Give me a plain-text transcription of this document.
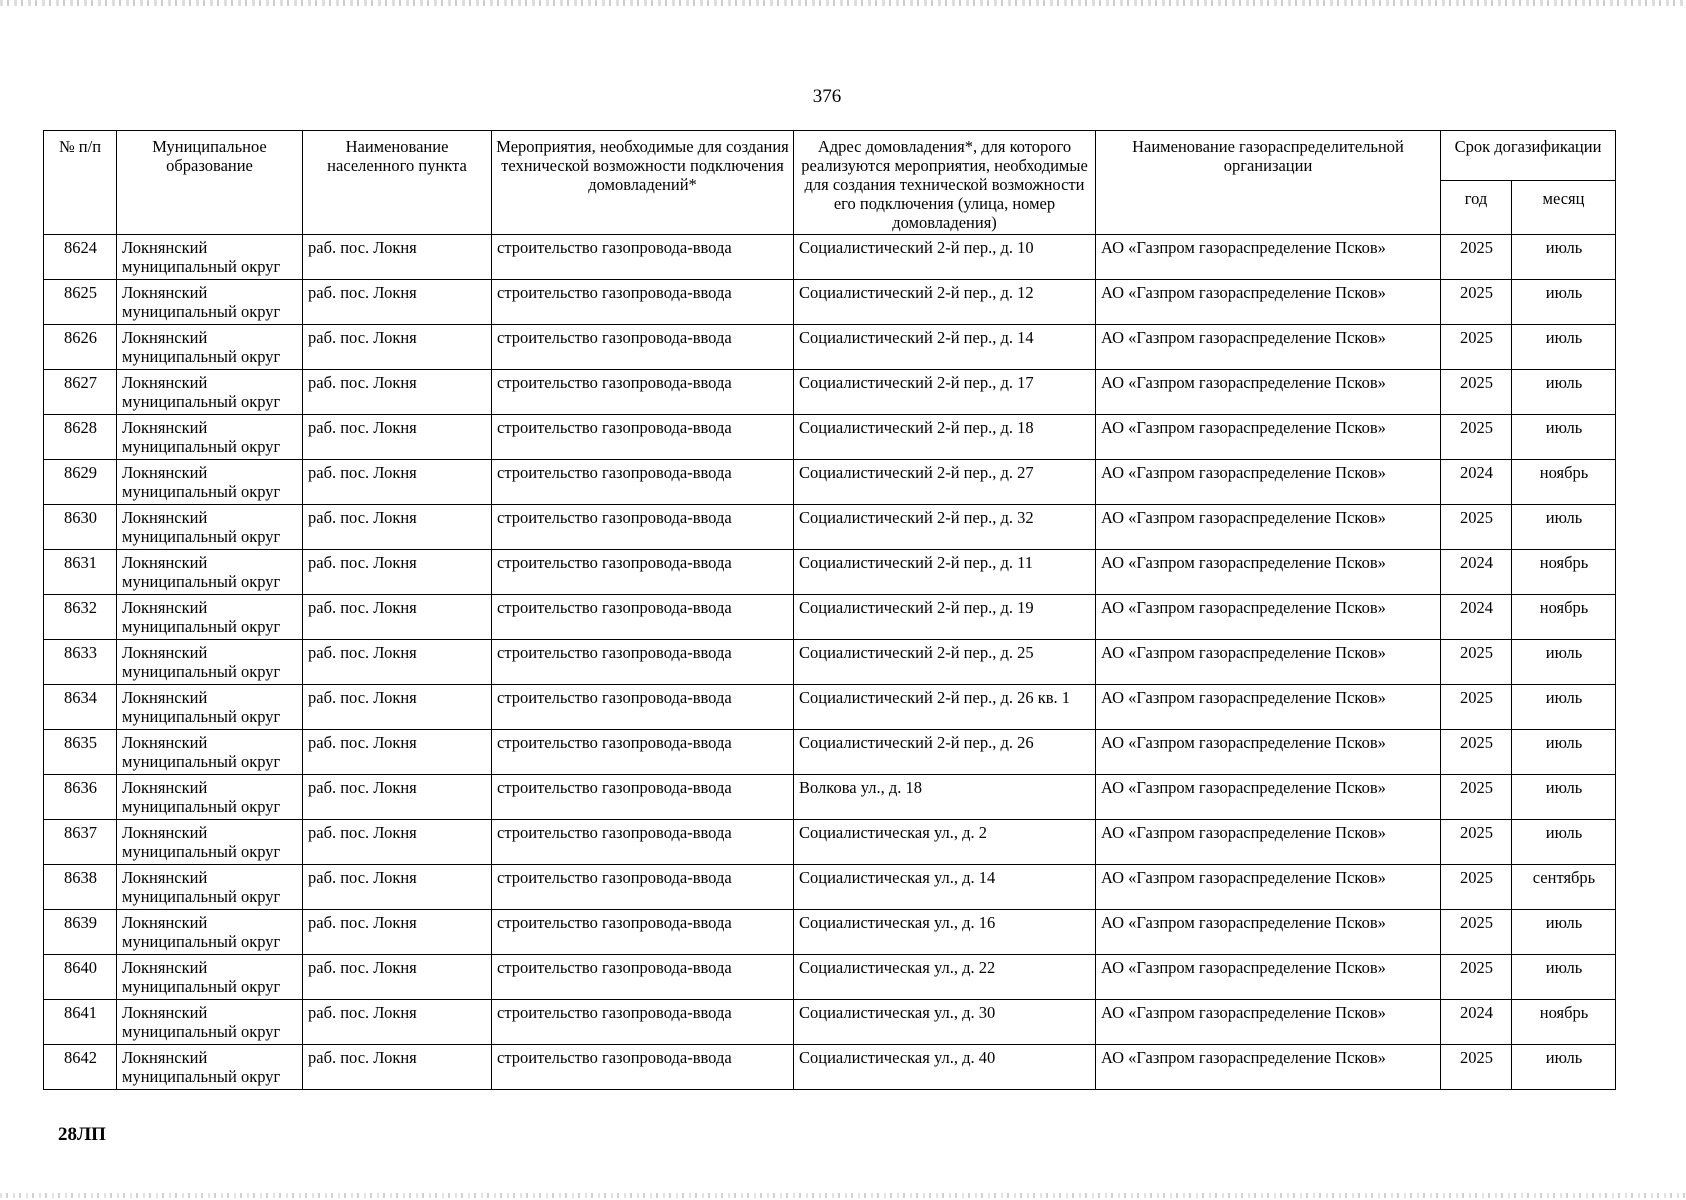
376
№ п/п	Муниципальное образование	Наименование населенного пункта	Мероприятия, необходимые для создания технической возможности подключения домовладений*	Адрес домовладения*, для которого реализуются мероприятия, необходимые для создания технической возможности его подключения (улица, номер домовладения)	Наименование газораспределительной организации	Срок догазификации	
						год	месяц
8624	Локнянский муниципальный округ	раб. пос. Локня	строительство газопровода-ввода	Социалистический 2-й пер., д. 10	АО «Газпром газораспределение Псков»	2025	июль
8625	Локнянский муниципальный округ	раб. пос. Локня	строительство газопровода-ввода	Социалистический 2-й пер., д. 12	АО «Газпром газораспределение Псков»	2025	июль
8626	Локнянский муниципальный округ	раб. пос. Локня	строительство газопровода-ввода	Социалистический 2-й пер., д. 14	АО «Газпром газораспределение Псков»	2025	июль
8627	Локнянский муниципальный округ	раб. пос. Локня	строительство газопровода-ввода	Социалистический 2-й пер., д. 17	АО «Газпром газораспределение Псков»	2025	июль
8628	Локнянский муниципальный округ	раб. пос. Локня	строительство газопровода-ввода	Социалистический 2-й пер., д. 18	АО «Газпром газораспределение Псков»	2025	июль
8629	Локнянский муниципальный округ	раб. пос. Локня	строительство газопровода-ввода	Социалистический 2-й пер., д. 27	АО «Газпром газораспределение Псков»	2024	ноябрь
8630	Локнянский муниципальный округ	раб. пос. Локня	строительство газопровода-ввода	Социалистический 2-й пер., д. 32	АО «Газпром газораспределение Псков»	2025	июль
8631	Локнянский муниципальный округ	раб. пос. Локня	строительство газопровода-ввода	Социалистический 2-й пер., д. 11	АО «Газпром газораспределение Псков»	2024	ноябрь
8632	Локнянский муниципальный округ	раб. пос. Локня	строительство газопровода-ввода	Социалистический 2-й пер., д. 19	АО «Газпром газораспределение Псков»	2024	ноябрь
8633	Локнянский муниципальный округ	раб. пос. Локня	строительство газопровода-ввода	Социалистический 2-й пер., д. 25	АО «Газпром газораспределение Псков»	2025	июль
8634	Локнянский муниципальный округ	раб. пос. Локня	строительство газопровода-ввода	Социалистический 2-й пер., д. 26 кв. 1	АО «Газпром газораспределение Псков»	2025	июль
8635	Локнянский муниципальный округ	раб. пос. Локня	строительство газопровода-ввода	Социалистический 2-й пер., д. 26	АО «Газпром газораспределение Псков»	2025	июль
8636	Локнянский муниципальный округ	раб. пос. Локня	строительство газопровода-ввода	Волкова ул., д. 18	АО «Газпром газораспределение Псков»	2025	июль
8637	Локнянский муниципальный округ	раб. пос. Локня	строительство газопровода-ввода	Социалистическая ул., д. 2	АО «Газпром газораспределение Псков»	2025	июль
8638	Локнянский муниципальный округ	раб. пос. Локня	строительство газопровода-ввода	Социалистическая ул., д. 14	АО «Газпром газораспределение Псков»	2025	сентябрь
8639	Локнянский муниципальный округ	раб. пос. Локня	строительство газопровода-ввода	Социалистическая ул., д. 16	АО «Газпром газораспределение Псков»	2025	июль
8640	Локнянский муниципальный округ	раб. пос. Локня	строительство газопровода-ввода	Социалистическая ул., д. 22	АО «Газпром газораспределение Псков»	2025	июль
8641	Локнянский муниципальный округ	раб. пос. Локня	строительство газопровода-ввода	Социалистическая ул., д. 30	АО «Газпром газораспределение Псков»	2024	ноябрь
8642	Локнянский муниципальный округ	раб. пос. Локня	строительство газопровода-ввода	Социалистическая ул., д. 40	АО «Газпром газораспределение Псков»	2025	июль
28ЛП
